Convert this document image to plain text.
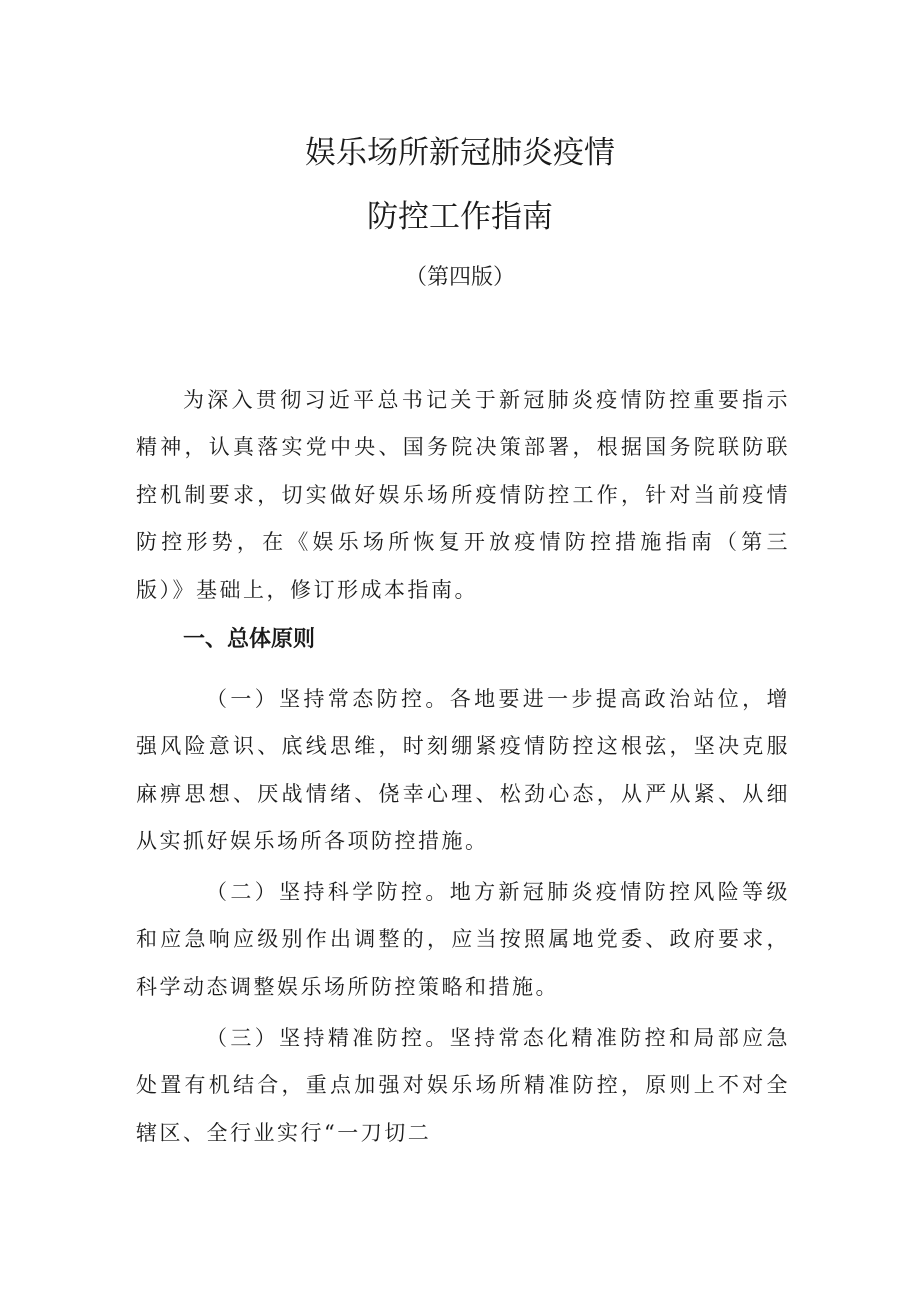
娱乐场所新冠肺炎疫情
防控工作指南
（第四版）

为深入贯彻习近平总书记关于新冠肺炎疫情防控重要指示精神，认真落实党中央、国务院决策部署，根据国务院联防联控机制要求，切实做好娱乐场所疫情防控工作，针对当前疫情防控形势，在《娱乐场所恢复开放疫情防控措施指南（第三版）》基础上，修订形成本指南。

一、总体原则

（一）坚持常态防控。各地要进一步提高政治站位，增强风险意识、底线思维，时刻绷紧疫情防控这根弦，坚决克服麻痹思想、厌战情绪、侥幸心理、松劲心态，从严从紧、从细从实抓好娱乐场所各项防控措施。

（二）坚持科学防控。地方新冠肺炎疫情防控风险等级和应急响应级别作出调整的，应当按照属地党委、政府要求，科学动态调整娱乐场所防控策略和措施。

（三）坚持精准防控。坚持常态化精准防控和局部应急处置有机结合，重点加强对娱乐场所精准防控，原则上不对全辖区、全行业实行“一刀切二
